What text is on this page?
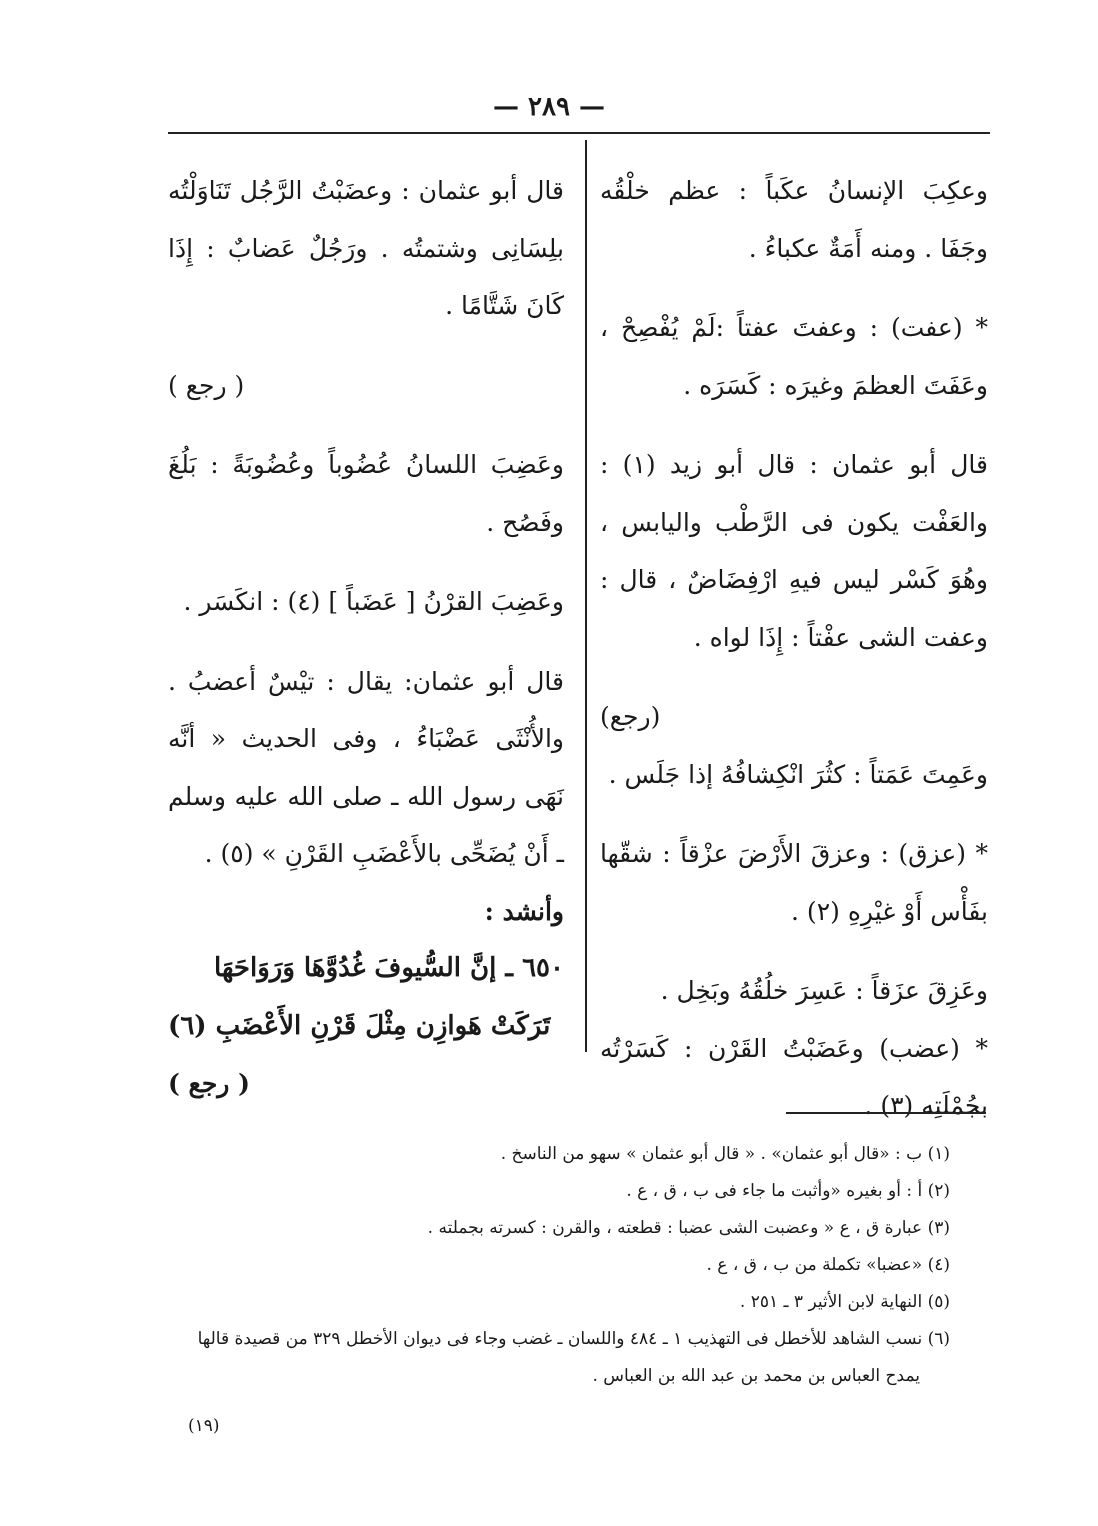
— ٢٨٩ —

وعكِبَ الإنسانُ عكَباً : عظم خلْقُه وجَفَا . ومنه أَمَةٌ عكباءُ .

* (عفت) : وعفتَ عفتاً :لَمْ يُفْصِحْ ، وعَفَتَ العظمَ وغيرَه : كَسَرَه .

قال أبو عثمان : قال أبو زيد (١) : والعَفْت يكون فى الرَّطْب واليابس ، وهُوَ كَسْر ليس فيهِ ارْفِضَاضٌ ، قال : وعفت الشى عفْتاً : إِذَا لواه .

(رجع)

وعَمِتَ عَمَتاً : كثُرَ انْكِشافُهُ إذا جَلَس .

* (عزق) : وعزقَ الأَرْضَ عزْقاً : شقّها بفَأْس أَوْ غيْرِهِ (٢) .

وعَزِقَ عزَقاً : عَسِرَ خلُقُهُ وبَخِل .

* (عضب) وعَضَبْتُ القَرْن : كَسَرْتُه بجُمْلَتِه (٣) .

قال أبو عثمان : وعضَبْتُ الرَّجُل تَنَاوَلْتُه بلِسَانِى وشتمتُه . ورَجُلٌ عَضابٌ : إِذَا كَانَ شَتَّامًا .

( رجع )

وعَضِبَ اللسانُ عُضُوباً وعُضُوبَةً : بَلُغَ وفَصُح .

وعَضِبَ القرْنُ [ عَضَباً ] (٤) : انكَسَر .

قال أبو عثمان: يقال : تيْسٌ أعضبُ . والأُنْثَى عَضْبَاءُ ، وفى الحديث « أنَّه نَهَى رسول الله ـ صلى الله عليه وسلم ـ أَنْ يُضَحِّى بالأَعْضَبِ القَرْنِ » (٥) .

وأنشد :

٦٥٠ ـ إنَّ السُّيوفَ غُدُوَّهَا وَرَوَاحَهَا

تَرَكَتْ هَوازِن مِثْلَ قَرْنِ الأَعْضَبِ (٦)

( رجع )

(١) ب : «قال أبو عثمان» . « قال أبو عثمان » سهو من الناسخ .

(٢) أ : أو بغيره «وأثبت ما جاء فى ب ، ق ، ع .

(٣) عبارة ق ، ع « وعضبت الشى عضبا : قطعته ، والقرن : كسرته بجملته .

(٤) «عضبا» تكملة من ب ، ق ، ع .

(٥) النهاية لابن الأثير ٣ ـ ٢٥١ .

(٦) نسب الشاهد للأخطل فى التهذيب ١ ـ ٤٨٤ واللسان ـ غضب وجاء فى ديوان الأخطل ٣٢٩ من قصيدة قالها

يمدح العباس بن محمد بن عبد الله بن العباس .

(١٩)
